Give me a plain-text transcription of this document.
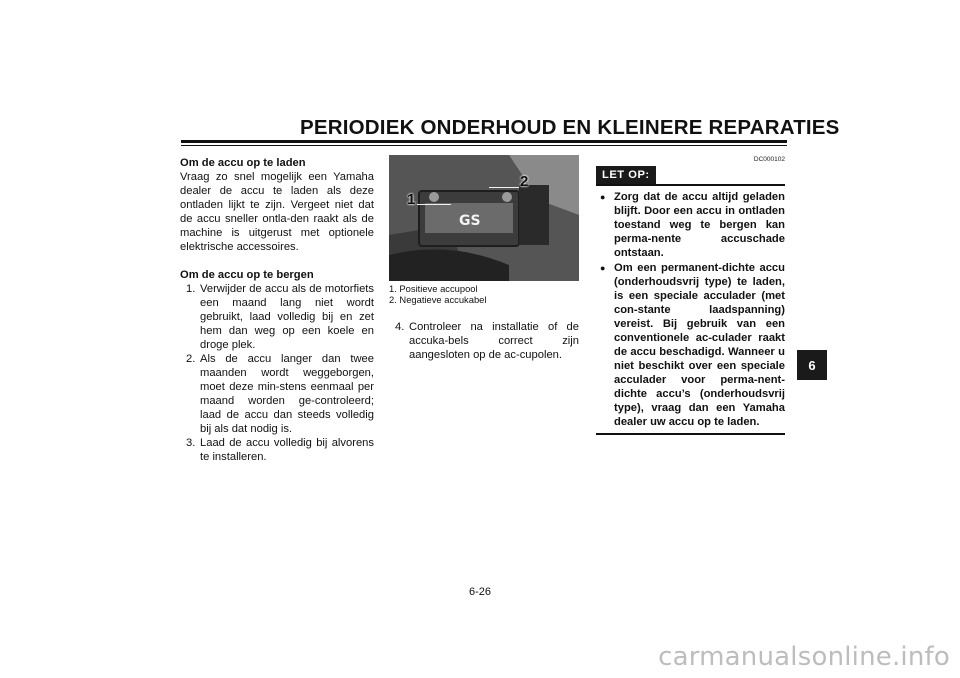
PERIODIEK ONDERHOUD EN KLEINERE REPARATIES
6
Om de accu op te laden
Vraag zo snel mogelijk een Yamaha dealer de accu te laden als deze ontladen lijkt te zijn. Vergeet niet dat de accu sneller ontla-den raakt als de machine is uitgerust met optionele elektrische accessoires.
Om de accu op te bergen
1. Verwijder de accu als de motorfiets een maand lang niet wordt gebruikt, laad volledig bij en zet hem dan weg op een koele en droge plek.
2. Als de accu langer dan twee maanden wordt weggeborgen, moet deze min-stens eenmaal per maand worden ge-controleerd; laad de accu dan steeds volledig bij als dat nodig is.
3. Laad de accu volledig bij alvorens te installeren.
GS
1
2
1. Positieve accupool
2. Negatieve accukabel
4. Controleer na installatie of de accuka-bels correct zijn aangesloten op de ac-cupolen.
DC000102
LET OP:
● Zorg dat de accu altijd geladen blijft. Door een accu in ontladen toestand weg te bergen kan perma-nente accuschade ontstaan.
● Om een permanent-dichte accu (onderhoudsvrij type) te laden, is een speciale acculader (met con-stante laadspanning) vereist. Bij gebruik van een conventionele ac-culader raakt de accu beschadigd. Wanneer u niet beschikt over een speciale acculader voor perma-nent-dichte accu’s (onderhoudsvrij type), vraag dan een Yamaha dealer uw accu op te laden.
6-26
carmanualsonline.info
